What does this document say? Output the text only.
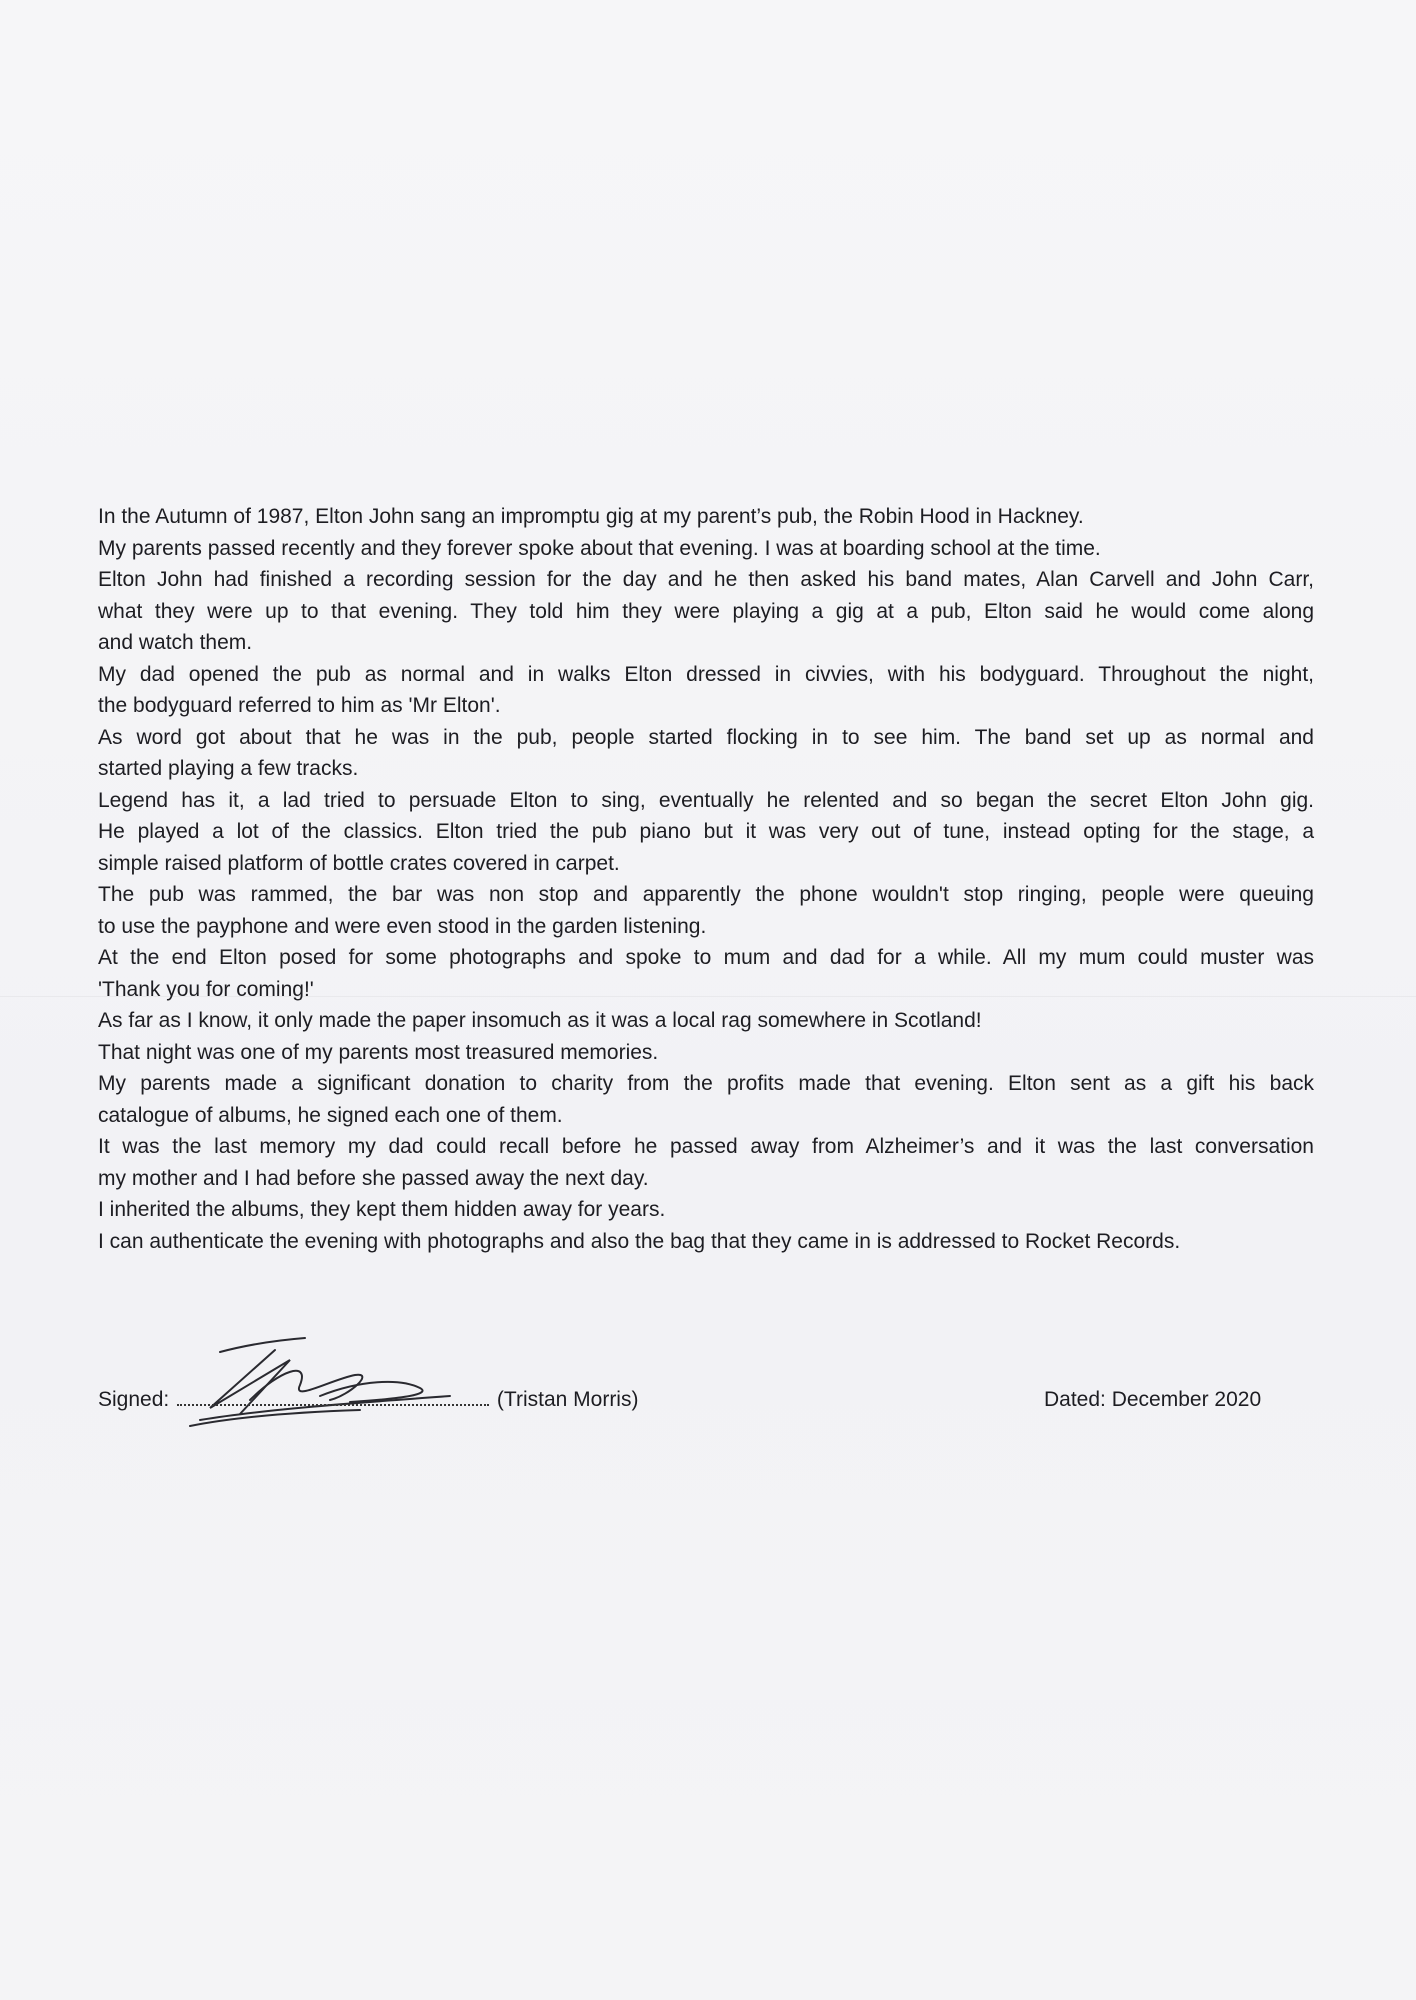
In the Autumn of 1987, Elton John sang an impromptu gig at my parent’s pub, the Robin Hood in Hackney.
My parents passed recently and they forever spoke about that evening. I was at boarding school at the time.
Elton John had finished a recording session for the day and he then asked his band mates, Alan Carvell and John Carr,
what they were up to that evening. They told him they were playing a gig at a pub, Elton said he would come along
and watch them.
My dad opened the pub as normal and in walks Elton dressed in civvies, with his bodyguard. Throughout the night,
the bodyguard referred to him as 'Mr Elton'.
As word got about that he was in the pub, people started flocking in to see him. The band set up as normal and
started playing a few tracks.
Legend has it, a lad tried to persuade Elton to sing, eventually he relented and so began the secret Elton John gig.
He played a lot of the classics. Elton tried the pub piano but it was very out of tune, instead opting for the stage, a
simple raised platform of bottle crates covered in carpet.
The pub was rammed, the bar was non stop and apparently the phone wouldn't stop ringing, people were queuing
to use the payphone and were even stood in the garden listening.
At the end Elton posed for some photographs and spoke to mum and dad for a while. All my mum could muster was
'Thank you for coming!'
As far as I know, it only made the paper insomuch as it was a local rag somewhere in Scotland!
That night was one of my parents most treasured memories.
My parents made a significant donation to charity from the profits made that evening. Elton sent as a gift his back
catalogue of albums, he signed each one of them.
It was the last memory my dad could recall before he passed away from Alzheimer’s and it was the last conversation
my mother and I had before she passed away the next day.
I inherited the albums, they kept them hidden away for years.
I can authenticate the evening with photographs and also the bag that they came in is addressed to Rocket Records.
Signed:	(Tristan Morris)	Dated: December 2020
